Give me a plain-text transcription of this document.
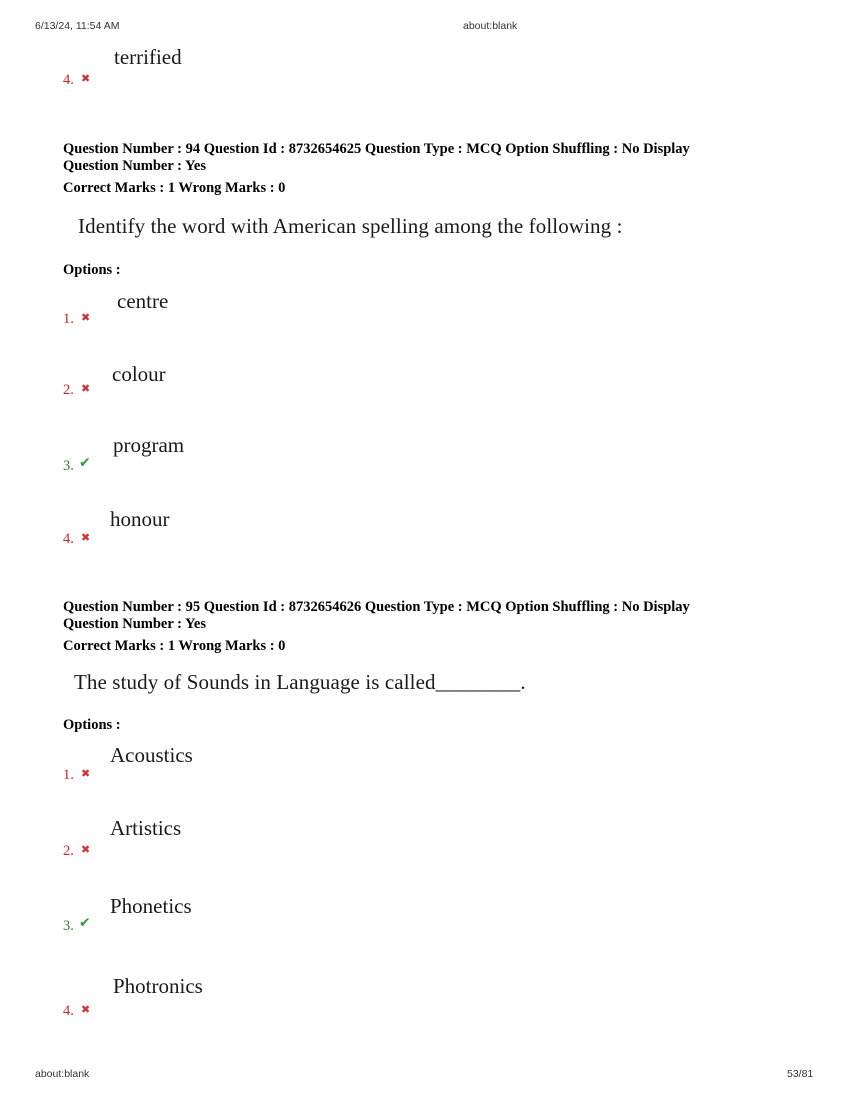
6/13/24, 11:54 AM	about:blank
4. ✖
terrified
Question Number : 94 Question Id : 8732654625 Question Type : MCQ Option Shuffling : No Display
Question Number : Yes
Correct Marks : 1 Wrong Marks : 0
Identify the word with American spelling among the following :
Options :
1. ✖
centre
2. ✖
colour
3. ✔
program
4. ✖
honour
Question Number : 95 Question Id : 8732654626 Question Type : MCQ Option Shuffling : No Display
Question Number : Yes
Correct Marks : 1 Wrong Marks : 0
The study of Sounds in Language is called________.
Options :
1. ✖
Acoustics
2. ✖
Artistics
3. ✔
Phonetics
4. ✖
Photronics
about:blank	53/81
